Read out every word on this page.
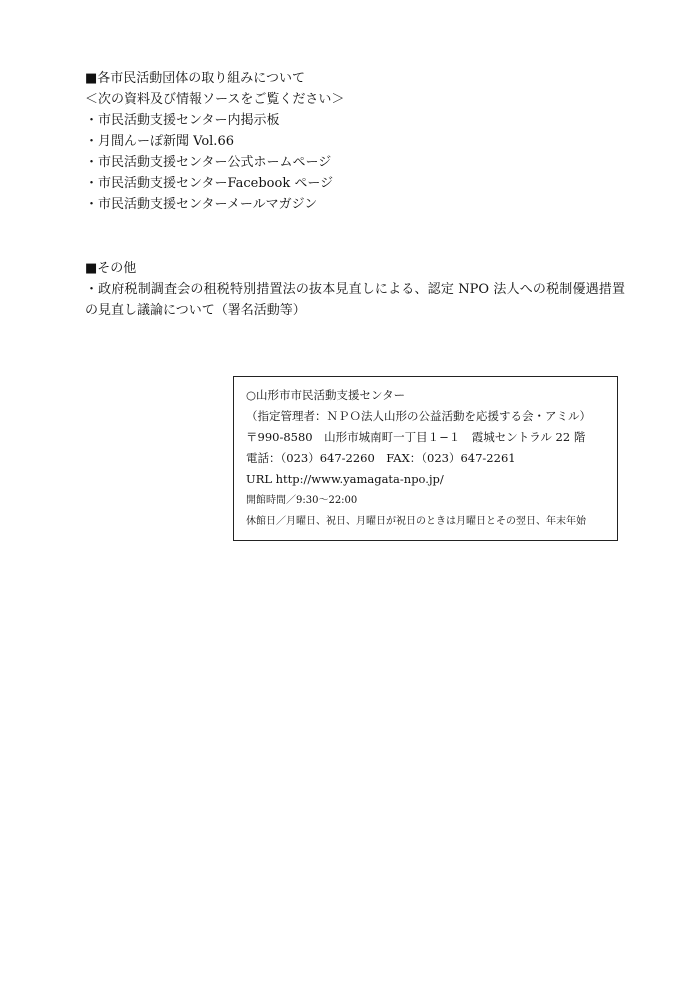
■各市民活動団体の取り組みについて
＜次の資料及び情報ソースをご覧ください＞
・市民活動支援センター内掲示板
・月間んーぽ新聞 Vol.66
・市民活動支援センター公式ホームページ
・市民活動支援センターFacebook ページ
・市民活動支援センターメールマガジン
■その他
・政府税制調査会の租税特別措置法の抜本見直しによる、認定 NPO 法人への税制優遇措置
の見直し議論について（署名活動等）
○山形市市民活動支援センター
（指定管理者：ＮＰＯ法人山形の公益活動を応援する会・アミル）
〒990-8580　山形市城南町一丁目１−１　霞城セントラル 22 階
電話：（023）647-2260　FAX：（023）647-2261
URL http://www.yamagata-npo.jp/
開館時間／9:30〜22:00
休館日／月曜日、祝日、月曜日が祝日のときは月曜日とその翌日、年末年始
